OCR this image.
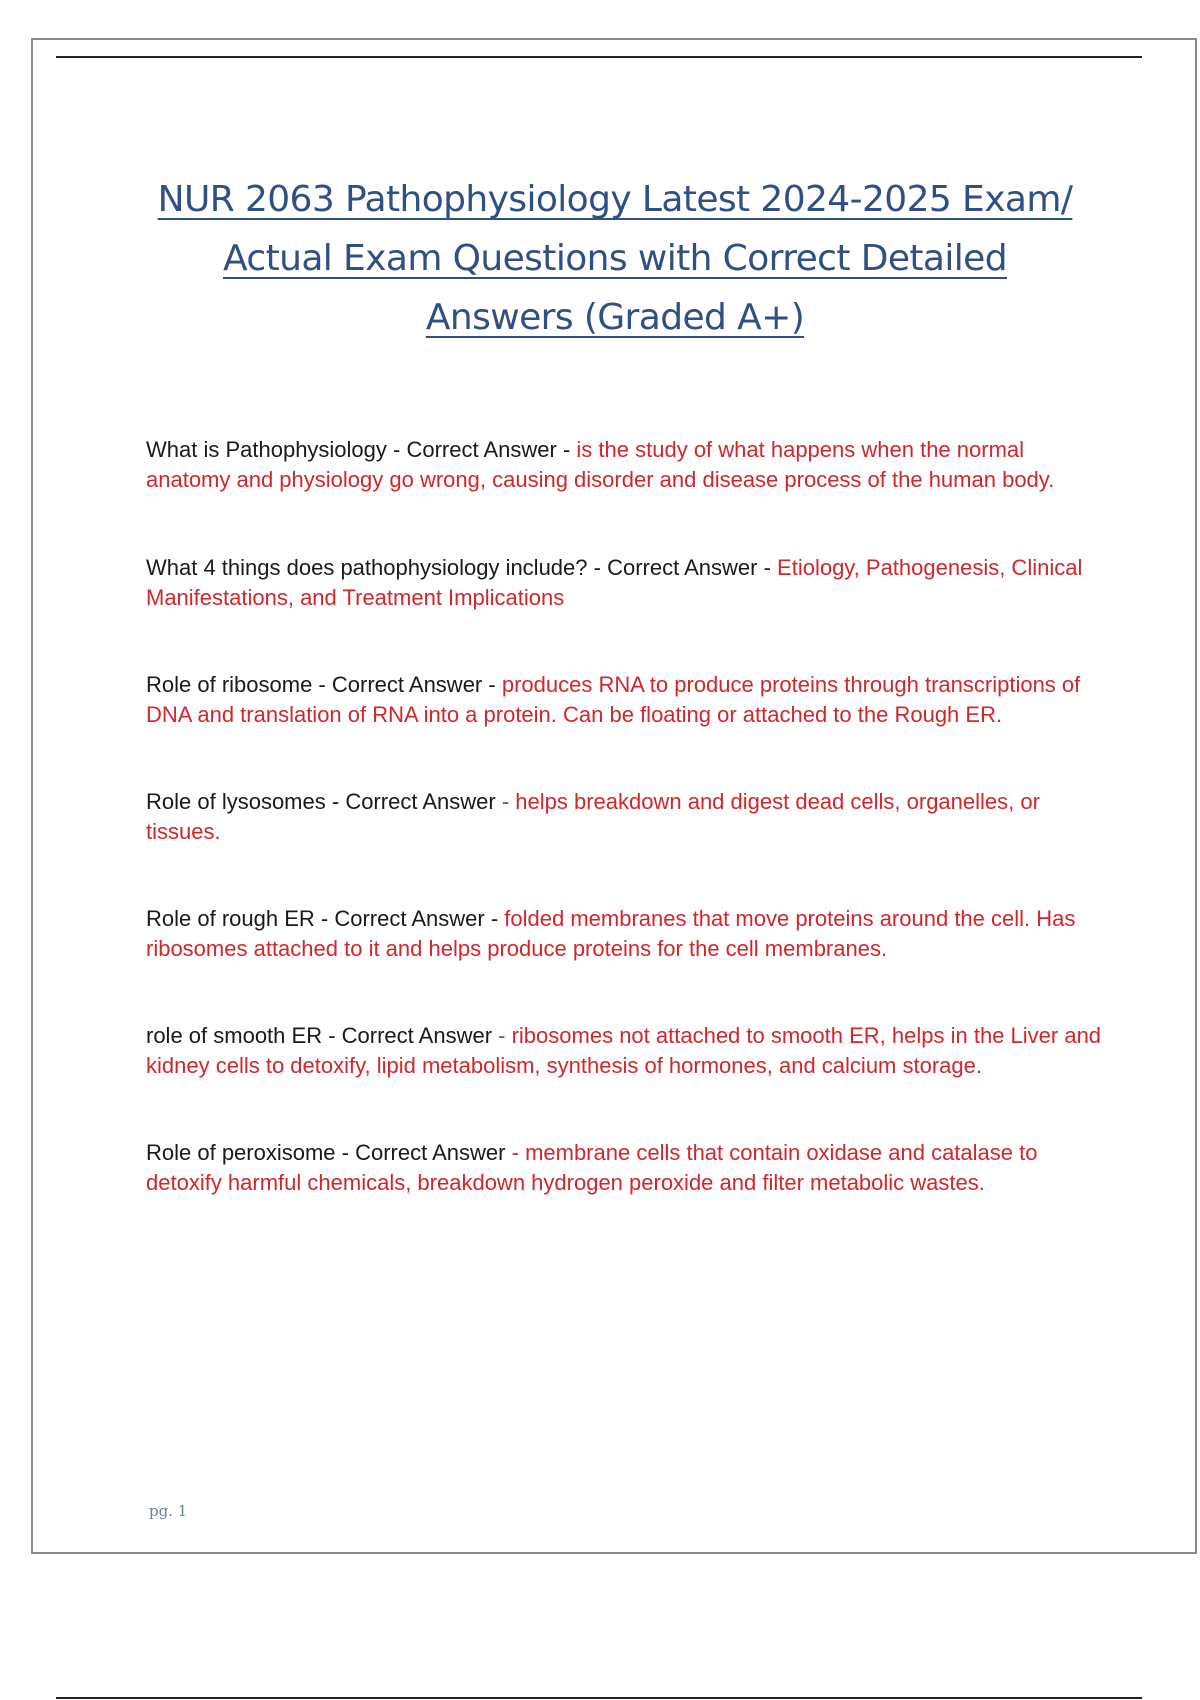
NUR 2063 Pathophysiology Latest 2024-2025 Exam/
Actual Exam Questions with Correct Detailed
Answers (Graded A+)
What is Pathophysiology - Correct Answer - is the study of what happens when the normal anatomy and physiology go wrong, causing disorder and disease process of the human body.
What 4 things does pathophysiology include? - Correct Answer - Etiology, Pathogenesis, Clinical Manifestations, and Treatment Implications
Role of ribosome - Correct Answer - produces RNA to produce proteins through transcriptions of DNA and translation of RNA into a protein. Can be floating or attached to the Rough ER.
Role of lysosomes - Correct Answer - helps breakdown and digest dead cells, organelles, or tissues.
Role of rough ER - Correct Answer - folded membranes that move proteins around the cell. Has ribosomes attached to it and helps produce proteins for the cell membranes.
role of smooth ER - Correct Answer - ribosomes not attached to smooth ER, helps in the Liver and kidney cells to detoxify, lipid metabolism, synthesis of hormones, and calcium storage.
Role of peroxisome - Correct Answer - membrane cells that contain oxidase and catalase to detoxify harmful chemicals, breakdown hydrogen peroxide and filter metabolic wastes.
pg. 1
